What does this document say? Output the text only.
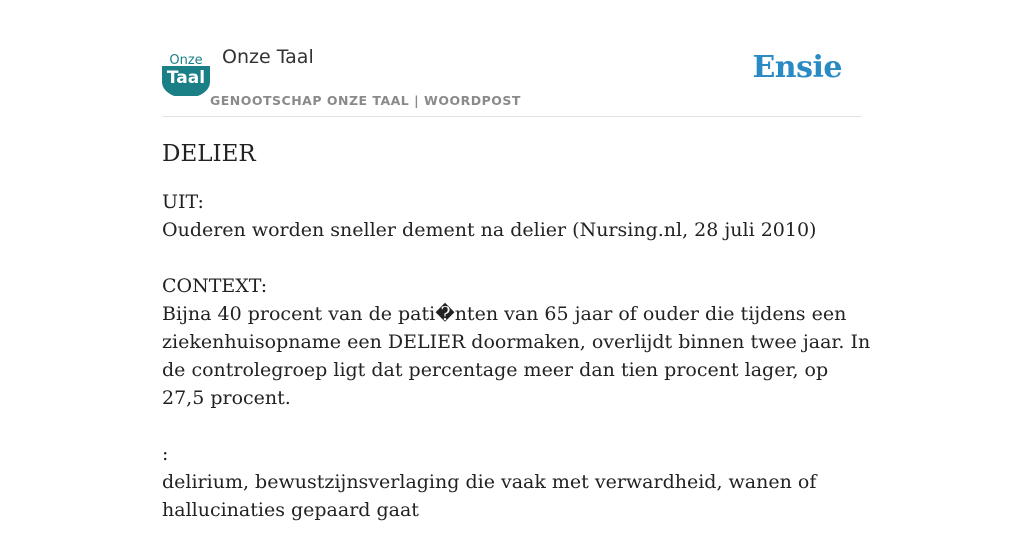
Onze
Taal
Onze Taal
GENOOTSCHAP ONZE TAAL | WOORDPOST
Ensie
DELIER

UIT:

Ouderen worden sneller dement na delier (Nursing.nl, 28 juli 2010)

CONTEXT:

Bijna 40 procent van de pati�nten van 65 jaar of ouder die tijdens een ziekenhuisopname een DELIER doormaken, overlijdt binnen twee jaar. In de controlegroep ligt dat percentage meer dan tien procent lager, op 27,5 procent.

:

delirium, bewustzijnsverlaging die vaak met verwardheid, wanen of hallucinaties gepaard gaat
